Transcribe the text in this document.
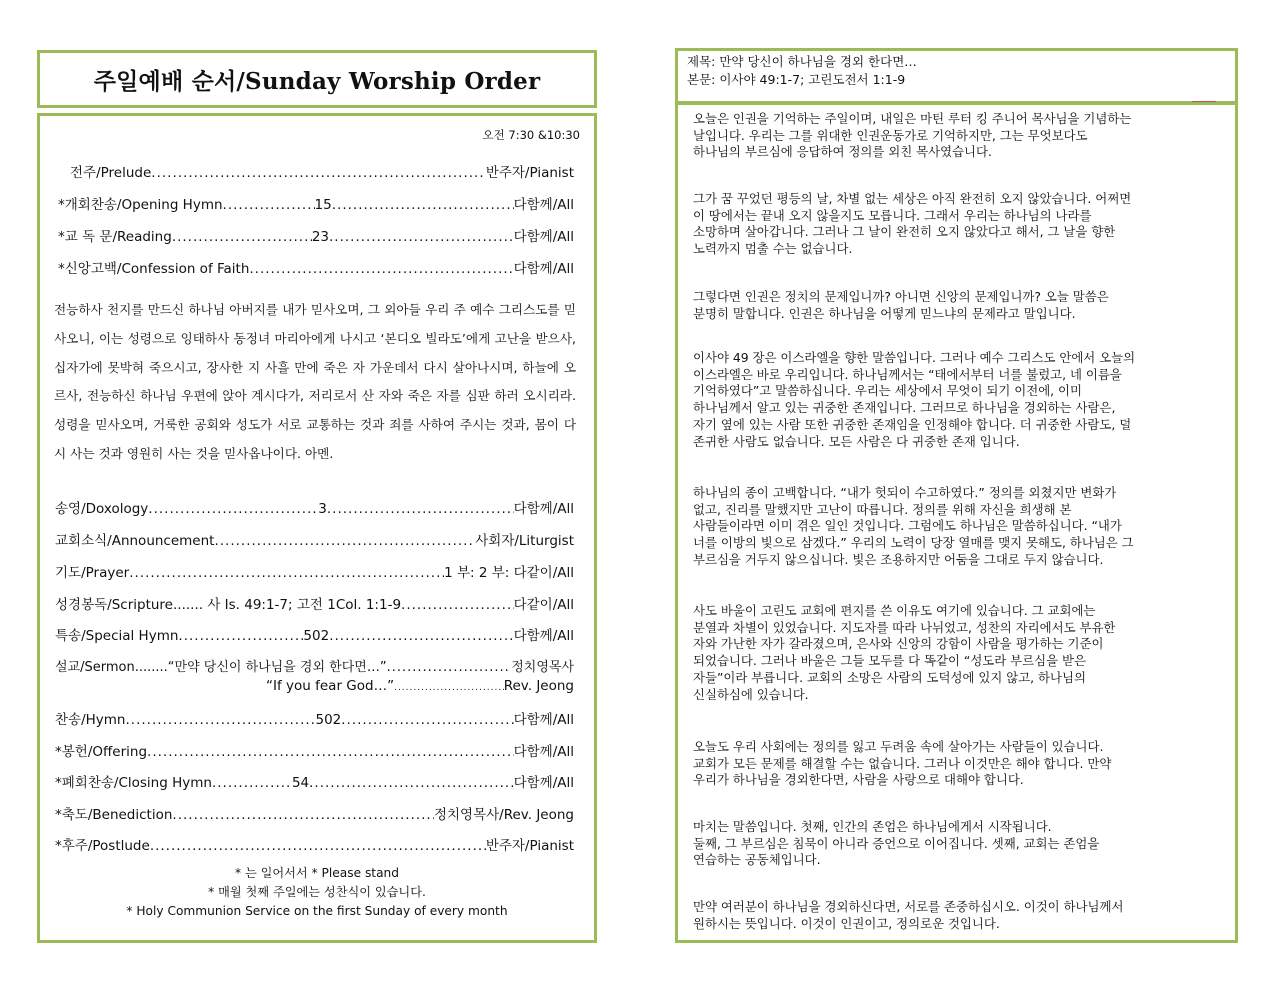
주일예배 순서/Sunday Worship Order
오전 7:30 &10:30
전주/Prelude .....	반주자/Pianist
*개회찬송/Opening Hymn .....	15 .....	다함께/All
*교 독 문/Reading .....	23 .....	다함께/All
*신앙고백/Confession of Faith .....	다함께/All
전능하사 천지를 만드신 하나님 아버지를 내가 믿사오며, 그 외아들 우리 주 예수 그리스도를 믿사오니, 이는 성령으로 잉태하사 동정녀 마리아에게 나시고 ‘본디오 빌라도’에게 고난을 받으사, 십자가에 못박혀 죽으시고, 장사한 지 사흘 만에 죽은 자 가운데서 다시 살아나시며, 하늘에 오르사, 전능하신 하나님 우편에 앉아 계시다가, 저리로서 산 자와 죽은 자를 심판 하러 오시리라. 성령을 믿사오며, 거룩한 공회와 성도가 서로 교통하는 것과 죄를 사하여 주시는 것과, 몸이 다시 사는 것과 영원히 사는 것을 믿사옵나이다. 아멘.
송영/Doxology .....	3 .....	다함께/All
교회소식/Announcement .....	사회자/Liturgist
기도/Prayer .....	1 부: 2 부: 다같이/All
성경봉독/Scripture....... 사 Is. 49:1-7; 고전 1Col. 1:1-9 .....	다같이/All
특송/Special Hymn .....	502 .....	다함께/All
설교/Sermon........“만약 당신이 하나님을 경외 한다면…” .....	정치영목사
“If you fear God…” .....	Rev. Jeong
찬송/Hymn .....	502 .....	다함께/All
*봉헌/Offering .....	다함께/All
*폐회찬송/Closing Hymn .....	54 .....	다함께/All
*축도/Benediction .....	정치영목사/Rev. Jeong
*후주/Postlude .....	반주자/Pianist
* 는 일어서서 * Please stand
* 매월 첫째 주일에는 성찬식이 있습니다.
* Holy Communion Service on the first Sunday of every month
제목: 만약 당신이 하나님을 경외 한다면…
본문: 이사야 49:1-7; 고린도전서 1:1-9
오늘은 인권을 기억하는 주일이며, 내일은 마틴 루터 킹 주니어 목사님을 기념하는
날입니다. 우리는 그를 위대한 인권운동가로 기억하지만, 그는 무엇보다도
하나님의 부르심에 응답하여 정의를 외친 목사였습니다.
그가 꿈 꾸었던 평등의 날, 차별 없는 세상은 아직 완전히 오지 않았습니다. 어쩌면
이 땅에서는 끝내 오지 않을지도 모릅니다. 그래서 우리는 하나님의 나라를
소망하며 살아갑니다. 그러나 그 날이 완전히 오지 않았다고 해서, 그 날을 향한
노력까지 멈출 수는 없습니다.
그렇다면 인권은 정치의 문제입니까? 아니면 신앙의 문제입니까? 오늘 말씀은
분명히 말합니다. 인권은 하나님을 어떻게 믿느냐의 문제라고 말입니다.
이사야 49 장은 이스라엘을 향한 말씀입니다. 그러나 예수 그리스도 안에서 오늘의
이스라엘은 바로 우리입니다. 하나님께서는 “태에서부터 너를 불렀고, 네 이름을
기억하였다”고 말씀하십니다. 우리는 세상에서 무엇이 되기 이전에, 이미
하나님께서 알고 있는 귀중한 존재입니다. 그러므로 하나님을 경외하는 사람은,
자기 옆에 있는 사람 또한 귀중한 존재임을 인정해야 합니다. 더 귀중한 사람도, 덜
존귀한 사람도 없습니다. 모든 사람은 다 귀중한 존재 입니다.
하나님의 종이 고백합니다. “내가 헛되이 수고하였다.” 정의를 외쳤지만 변화가
없고, 진리를 말했지만 고난이 따릅니다. 정의를 위해 자신을 희생해 본
사람들이라면 이미 겪은 일인 것입니다. 그럼에도 하나님은 말씀하십니다. “내가
너를 이방의 빛으로 삼겠다.” 우리의 노력이 당장 열매를 맺지 못해도, 하나님은 그
부르심을 거두지 않으십니다. 빛은 조용하지만 어둠을 그대로 두지 않습니다.
사도 바울이 고린도 교회에 편지를 쓴 이유도 여기에 있습니다. 그 교회에는
분열과 차별이 있었습니다. 지도자를 따라 나뉘었고, 성찬의 자리에서도 부유한
자와 가난한 자가 갈라졌으며, 은사와 신앙의 강함이 사람을 평가하는 기준이
되었습니다. 그러나 바울은 그들 모두를 다 똑같이 “성도라 부르심을 받은
자들”이라 부릅니다. 교회의 소망은 사람의 도덕성에 있지 않고, 하나님의
신실하심에 있습니다.
오늘도 우리 사회에는 정의를 잃고 두려움 속에 살아가는 사람들이 있습니다.
교회가 모든 문제를 해결할 수는 없습니다. 그러나 이것만은 해야 합니다. 만약
우리가 하나님을 경외한다면, 사람을 사랑으로 대해야 합니다.
마치는 말씀입니다. 첫째, 인간의 존엄은 하나님에게서 시작됩니다.
둘째, 그 부르심은 침묵이 아니라 증언으로 이어집니다. 셋째, 교회는 존엄을
연습하는 공동체입니다.
만약 여러분이 하나님을 경외하신다면, 서로를 존중하십시오. 이것이 하나님께서
원하시는 뜻입니다. 이것이 인권이고, 정의로운 것입니다.
